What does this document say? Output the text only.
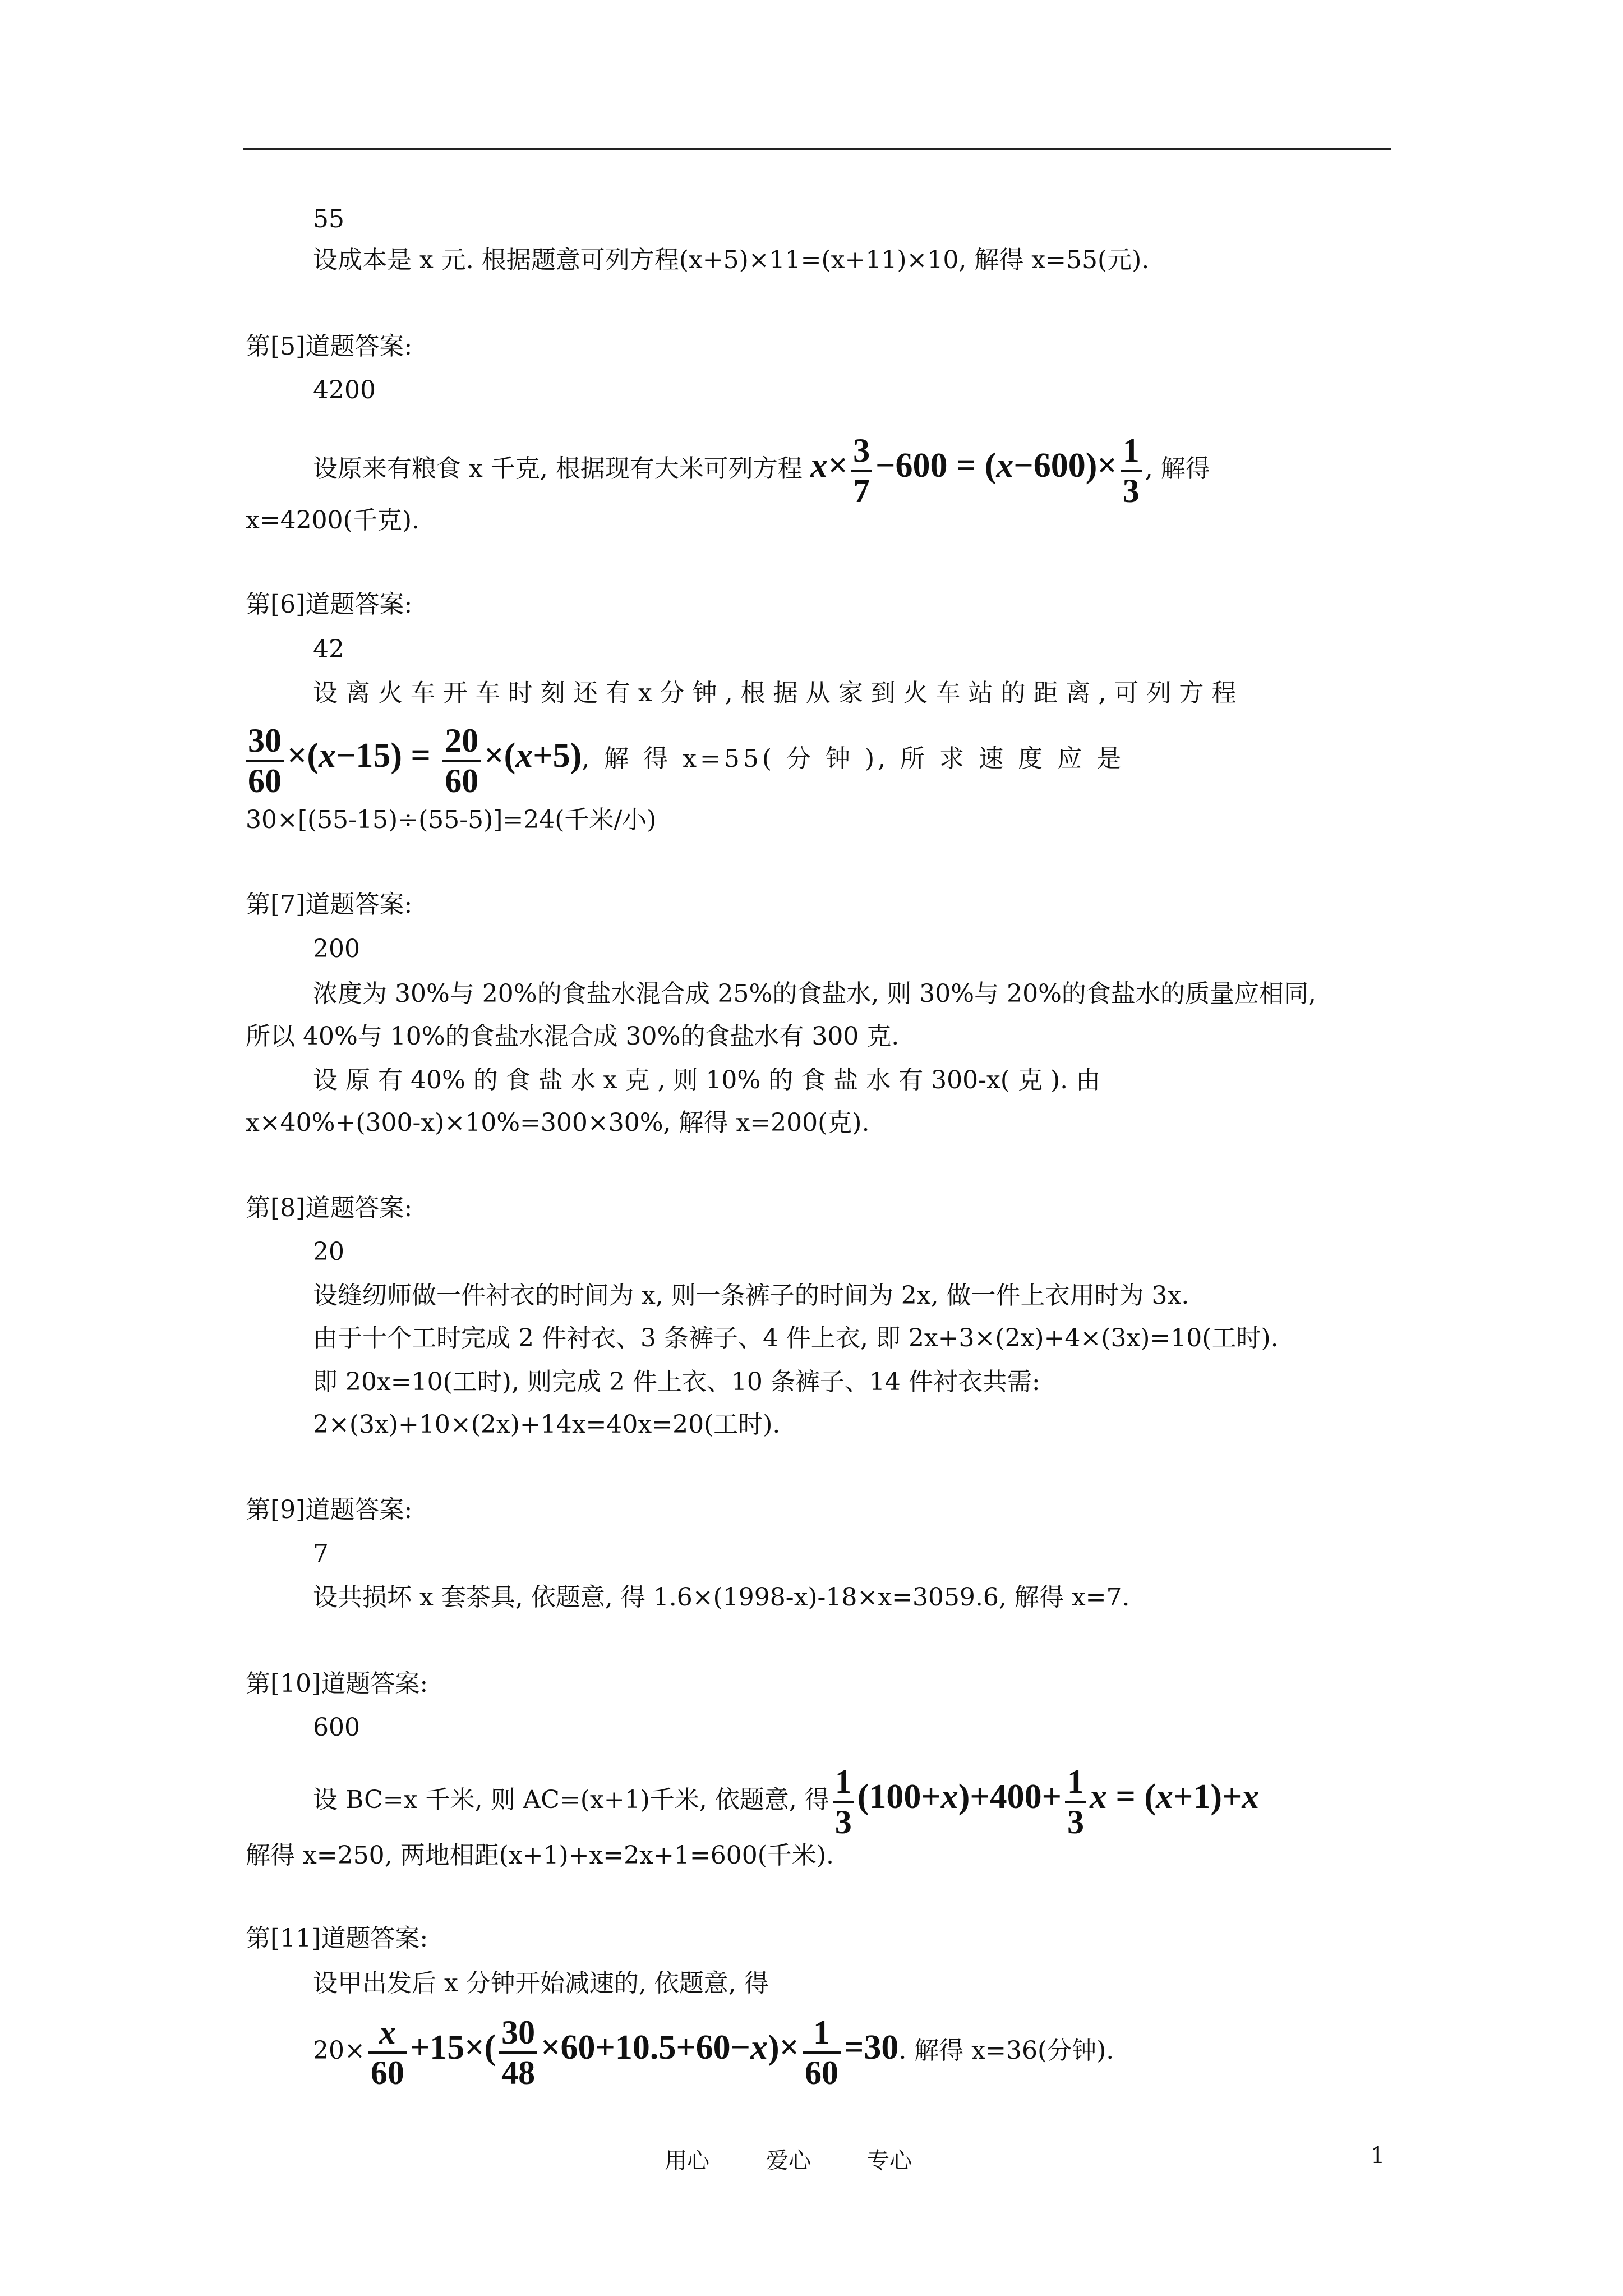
55
设成本是 x 元. 根据题意可列方程(x+5)×11=(x+11)×10, 解得 x=55(元).
第[5]道题答案:
4200
设原来有粮食 x 千克, 根据现有大米可列方程 $x\times \frac{3}{7} -600 = (x-600)\times \frac{1}{3}$ , 解得
x=4200(千克).
第[6]道题答案:
42
设 离 火 车 开 车 时 刻 还 有 x 分 钟 , 根 据 从 家 到 火 车 站 的 距 离 , 可 列 方 程
$\frac{30}{60} \times(x-15) = \frac{20}{60} \times(x+5)$, 解 得 x=55( 分 钟 ), 所 求 速 度 应 是
30×[(55-15)÷(55-5)]=24(千米/小)
第[7]道题答案:
200
浓度为 30%与 20%的食盐水混合成 25%的食盐水, 则 30%与 20%的食盐水的质量应相同,
所以 40%与 10%的食盐水混合成 30%的食盐水有 300 克.
设 原 有 40% 的 食 盐 水 x 克 , 则 10% 的 食 盐 水 有 300-x( 克 ). 由
x×40%+(300-x)×10%=300×30%, 解得 x=200(克).
第[8]道题答案:
20
设缝纫师做一件衬衣的时间为 x, 则一条裤子的时间为 2x, 做一件上衣用时为 3x.
由于十个工时完成 2 件衬衣、3 条裤子、4 件上衣, 即 2x+3×(2x)+4×(3x)=10(工时).
即 20x=10(工时), 则完成 2 件上衣、10 条裤子、14 件衬衣共需:
2×(3x)+10×(2x)+14x=40x=20(工时).
第[9]道题答案:
7
设共损坏 x 套茶具, 依题意, 得 1.6×(1998-x)-18×x=3059.6, 解得 x=7.
第[10]道题答案:
600
设 BC=x 千米, 则 AC=(x+1)千米, 依题意, 得 $\frac{1}{3} (100+x)+400+ \frac{1}{3}$ x = (x+1)+x
解得 x=250, 两地相距(x+1)+x=2x+1=600(千米).
第[11]道题答案:
设甲出发后 x 分钟开始减速的, 依题意, 得
$20\times \frac{x}{60} +15\times( \frac{30}{48} \times 60+10.5+60-x)\times \frac{1}{60} =30$. 解得 x=36(分钟).
用心	爱心	专心	1
